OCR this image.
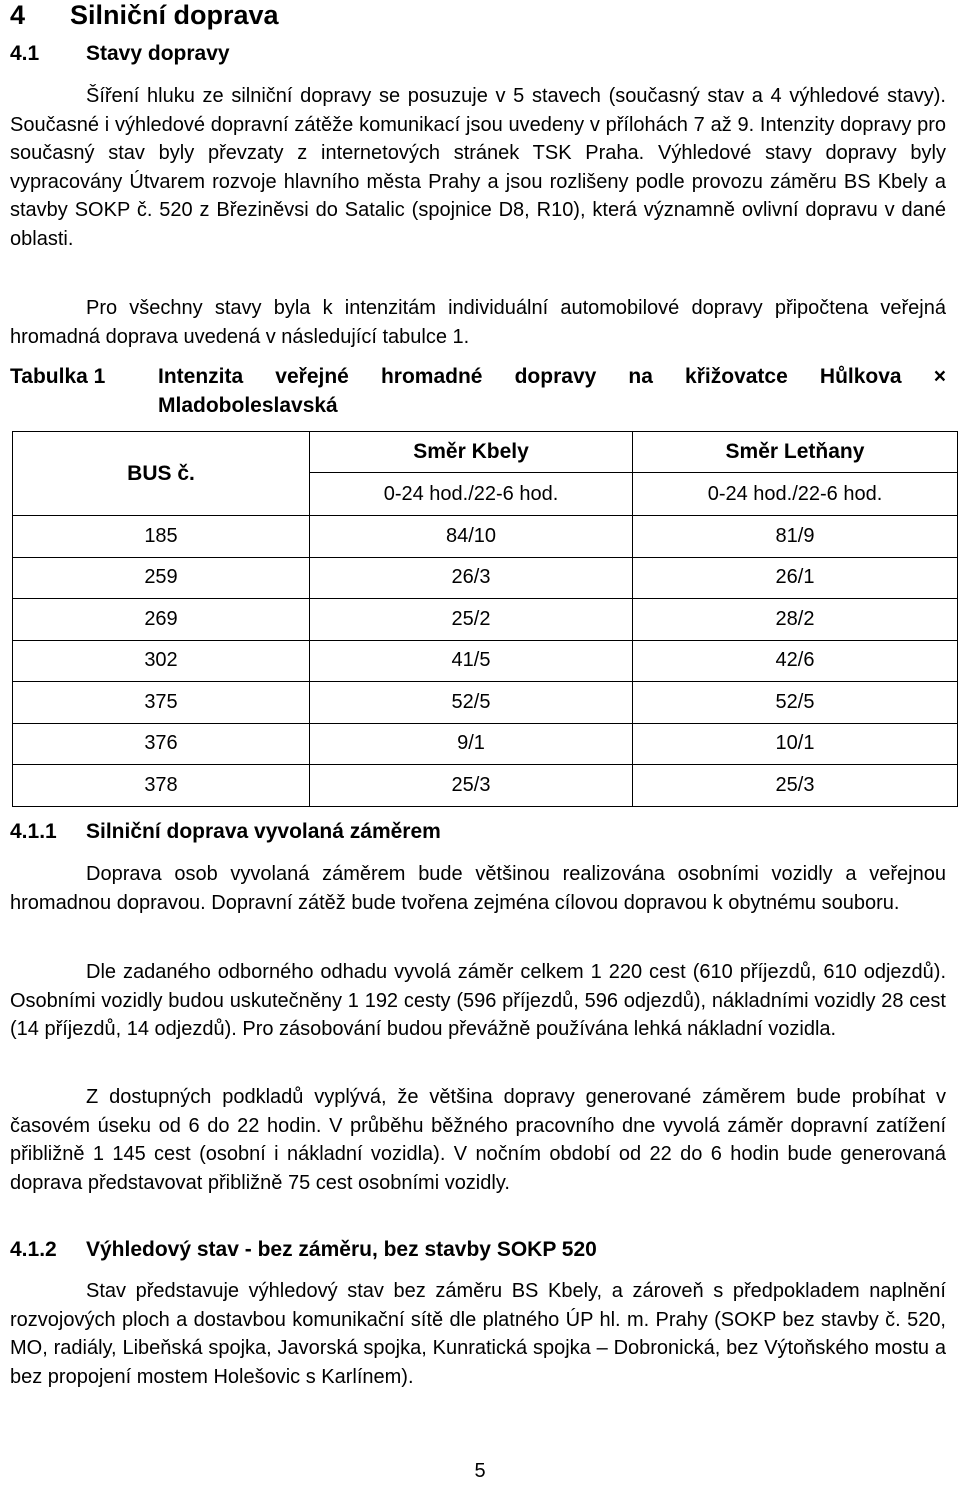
4 Silniční doprava
4.1 Stavy dopravy

Šíření hluku ze silniční dopravy se posuzuje v 5 stavech (současný stav a 4 výhledové stavy). Současné i výhledové dopravní zátěže komunikací jsou uvedeny v přílohách 7 až 9. Intenzity dopravy pro současný stav byly převzaty z internetových stránek TSK Praha. Výhledové stavy dopravy byly vypracovány Útvarem rozvoje hlavního města Prahy a jsou rozlišeny podle provozu záměru BS Kbely a stavby SOKP č. 520 z Březiněvsi do Satalic (spojnice D8, R10), která významně ovlivní dopravu v dané oblasti.

Pro všechny stavy byla k intenzitám individuální automobilové dopravy připočtena veřejná hromadná doprava uvedená v následující tabulce 1.

Tabulka 1	Intenzita veřejné hromadné dopravy na křižovatce Hůlkova × Mladoboleslavská
BUS č.	Směr Kbely	Směr Letňany
	0-24 hod./22-6 hod.	0-24 hod./22-6 hod.
185	84/10	81/9
259	26/3	26/1
269	25/2	28/2
302	41/5	42/6
375	52/5	52/5
376	9/1	10/1
378	25/3	25/3
4.1.1 Silniční doprava vyvolaná záměrem

Doprava osob vyvolaná záměrem bude většinou realizována osobními vozidly a veřejnou hromadnou dopravou. Dopravní zátěž bude tvořena zejména cílovou dopravou k obytnému souboru.

Dle zadaného odborného odhadu vyvolá záměr celkem 1 220 cest (610 příjezdů, 610 odjezdů). Osobními vozidly budou uskutečněny 1 192 cesty (596 příjezdů, 596 odjezdů), nákladními vozidly 28 cest (14 příjezdů, 14 odjezdů). Pro zásobování budou převážně používána lehká nákladní vozidla.

Z dostupných podkladů vyplývá, že většina dopravy generované záměrem bude probíhat v časovém úseku od 6 do 22 hodin. V průběhu běžného pracovního dne vyvolá záměr dopravní zatížení přibližně 1 145 cest (osobní i nákladní vozidla). V nočním období od 22 do 6 hodin bude generovaná doprava představovat přibližně 75 cest osobními vozidly.

4.1.2 Výhledový stav - bez záměru, bez stavby SOKP 520

Stav představuje výhledový stav bez záměru BS Kbely, a zároveň s předpokladem naplnění rozvojových ploch a dostavbou komunikační sítě dle platného ÚP hl. m. Prahy (SOKP bez stavby č. 520, MO, radiály, Libeňská spojka, Javorská spojka, Kunratická spojka – Dobronická, bez Výtoňského mostu a bez propojení mostem Holešovic s Karlínem).

5
